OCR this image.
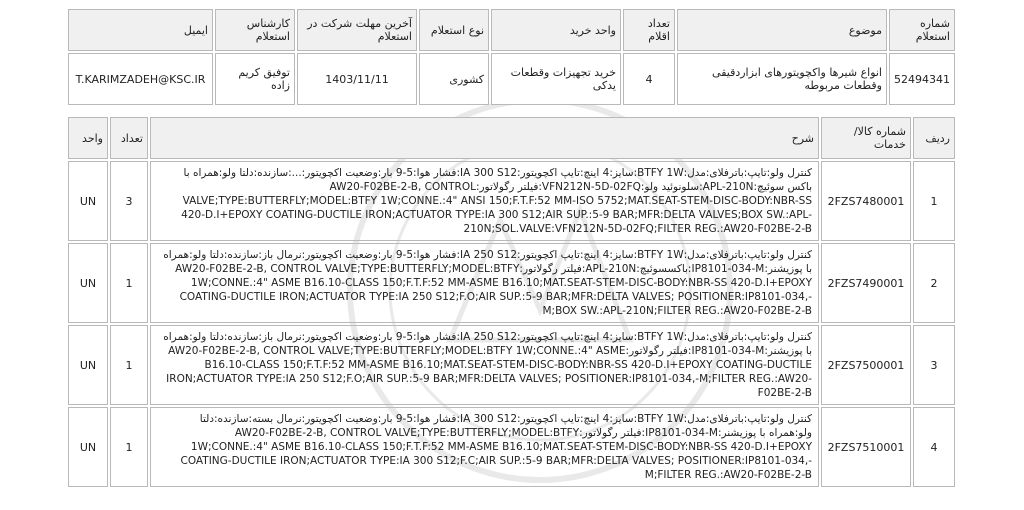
شماره استعلام	موضوع	تعداد اقلام	واحد خرید	نوع استعلام	آخرین مهلت شرکت در استعلام	کارشناس استعلام	ایمیل
52494341	انواع شیرها واکچویتورهای ابزاردقیقی وقطعات مربوطه	4	خرید تجهیزات وقطعات یدکی	کشوری	1403/11/11	توفیق کریم زاده	T.KARIMZADEH@KSC.IR
ردیف	شماره کالا/خدمات	شرح	تعداد	واحد
1	2FZS7480001	کنترل ولو:تایپ:باترفلای:مدل:BTFY 1W:سایز:4 اینچ:تایپ اکچویتور:IA 300 S12:فشار هوا:5-9 بار:وضعیت اکچویتور:...:سازنده:دلتا ولو:همراه با باکس سوئیچ:APL-210N:سلونوئید ولو:VFN212N-5D-02FQ:فیلتر رگولاتور:AW20-F02BE-2-B, CONTROL VALVE;TYPE:BUTTERFLY;MODEL:BTFY 1W;CONNE.:4" ANSI 150;F.T.F:52 MM-ISO 5752;MAT.SEAT-STEM-DISC-BODY:NBR-SS 420-D.I+EPOXY COATING-DUCTILE IRON;ACTUATOR TYPE:IA 300 S12;AIR SUP.:5-9 BAR;MFR:DELTA VALVES;BOX SW.:APL-210N;SOL.VALVE:VFN212N-5D-02FQ;FILTER REG.:AW20-F02BE-2-B	3	UN
2	2FZS7490001	کنترل ولو:تایپ:باترفلای:مدل:BTFY 1W:سایز:4 اینچ:تایپ اکچویتور:IA 250 S12:فشار هوا:5-9 بار:وضعیت اکچویتور:نرمال باز:سازنده:دلتا ولو:همراه با پوزیشنر:IP8101-034-M:باکسسوئیچ:APL-210N:فیلتر رگولاتور:AW20-F02BE-2-B, CONTROL VALVE;TYPE:BUTTERFLY;MODEL:BTFY 1W;CONNE.:4" ASME B16.10-CLASS 150;F.T.F:52 MM-ASME B16.10;MAT.SEAT-STEM-DISC-BODY:NBR-SS 420-D.I+EPOXY COATING-DUCTILE IRON;ACTUATOR TYPE:IA 250 S12;F.O;AIR SUP.:5-9 BAR;MFR:DELTA VALVES; POSITIONER:IP8101-034,-M;BOX SW.:APL-210N;FILTER REG.:AW20-F02BE-2-B	1	UN
3	2FZS7500001	کنترل ولو:تایپ:باترفلای:مدل:BTFY 1W:سایز:4 اینچ:تایپ اکچویتور:IA 250 S12:فشار هوا:5-9 بار:وضعیت اکچویتور:نرمال باز:سازنده:دلتا ولو:همراه با پوزیشنر:IP8101-034-M:فیلتر رگولاتور:AW20-F02BE-2-B, CONTROL VALVE;TYPE:BUTTERFLY;MODEL:BTFY 1W;CONNE.:4" ASME B16.10-CLASS 150;F.T.F:52 MM-ASME B16.10;MAT.SEAT-STEM-DISC-BODY:NBR-SS 420-D.I+EPOXY COATING-DUCTILE IRON;ACTUATOR TYPE:IA 250 S12;F.O;AIR SUP.:5-9 BAR;MFR:DELTA VALVES; POSITIONER:IP8101-034,-M;FILTER REG.:AW20-F02BE-2-B	1	UN
4	2FZS7510001	کنترل ولو:تایپ:باترفلای:مدل:BTFY 1W:سایز:4 اینچ:تایپ اکچویتور:IA 300 S12:فشار هوا:5-9 بار:وضعیت اکچویتور:نرمال بسته:سازنده:دلتا ولو:همراه با پوزیشنر:IP8101-034-M:فیلتر رگولاتور:AW20-F02BE-2-B, CONTROL VALVE;TYPE:BUTTERFLY;MODEL:BTFY 1W;CONNE.:4" ASME B16.10-CLASS 150;F.T.F:52 MM-ASME B16.10;MAT.SEAT-STEM-DISC-BODY:NBR-SS 420-D.I+EPOXY COATING-DUCTILE IRON;ACTUATOR TYPE:IA 300 S12;F.C;AIR SUP.:5-9 BAR;MFR:DELTA VALVES; POSITIONER:IP8101-034,-M;FILTER REG.:AW20-F02BE-2-B	1	UN
